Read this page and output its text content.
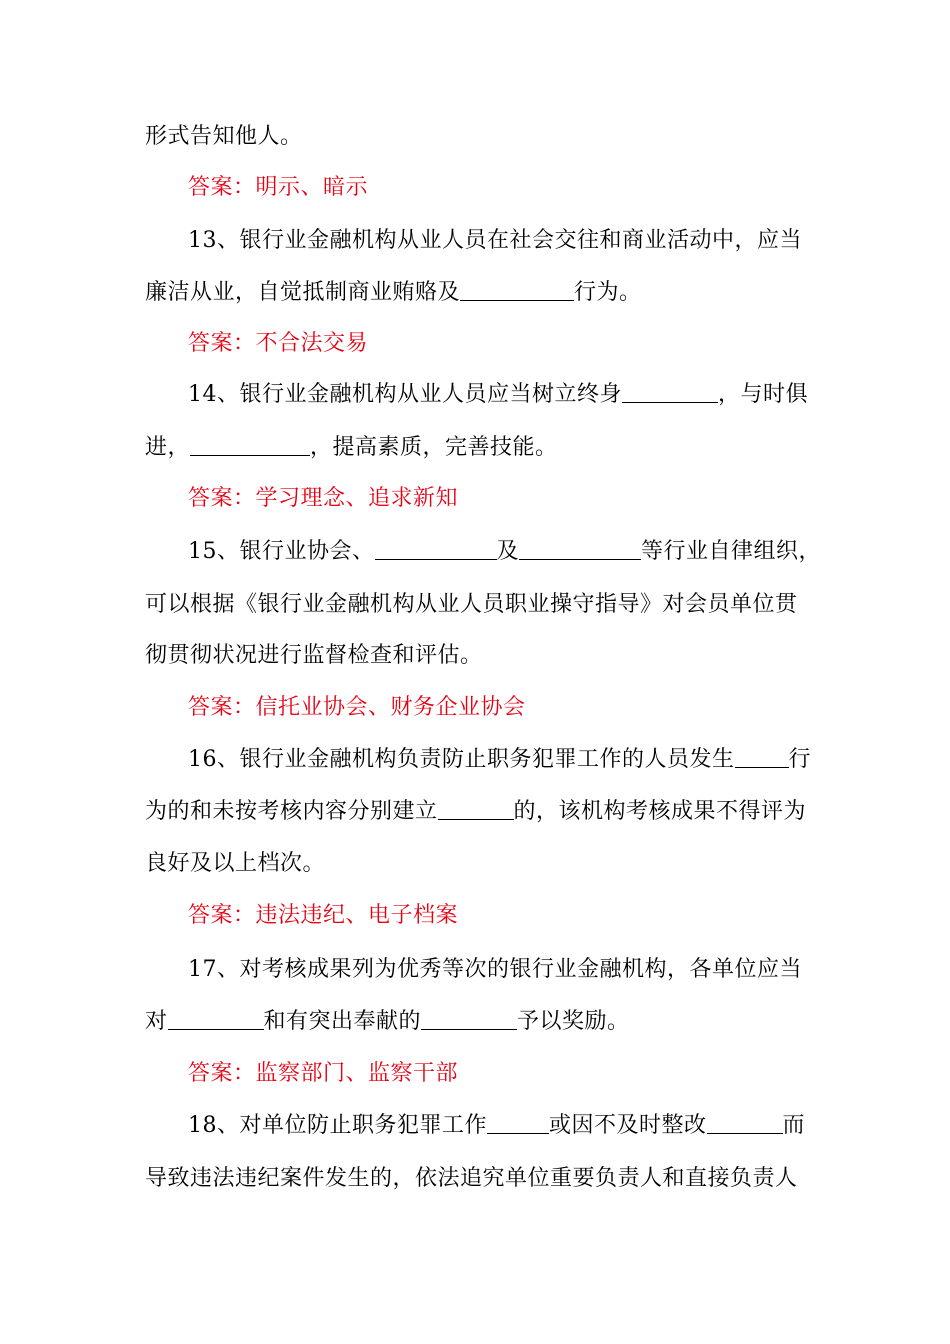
形式告知他人。
答案：明示、暗示
13、银行业金融机构从业人员在社会交往和商业活动中，应当
廉洁从业，自觉抵制商业贿赂及	行为。
答案：不合法交易
14、银行业金融机构从业人员应当树立终身	，与时俱
进，	，提高素质，完善技能。
答案：学习理念、追求新知
15、银行业协会、	及	等行业自律组织，
可以根据《银行业金融机构从业人员职业操守指导》对会员单位贯
彻贯彻状况进行监督检查和评估。
答案：信托业协会、财务企业协会
16、银行业金融机构负责防止职务犯罪工作的人员发生 行
为的和未按考核内容分别建立	的，该机构考核成果不得评为
良好及以上档次。
答案：违法违纪、电子档案
17、对考核成果列为优秀等次的银行业金融机构，各单位应当
对	和有突出奉献的	予以奖励。
答案：监察部门、监察干部
18、对单位防止职务犯罪工作	或因不及时整改	而
导致违法违纪案件发生的，依法追究单位重要负责人和直接负责人
